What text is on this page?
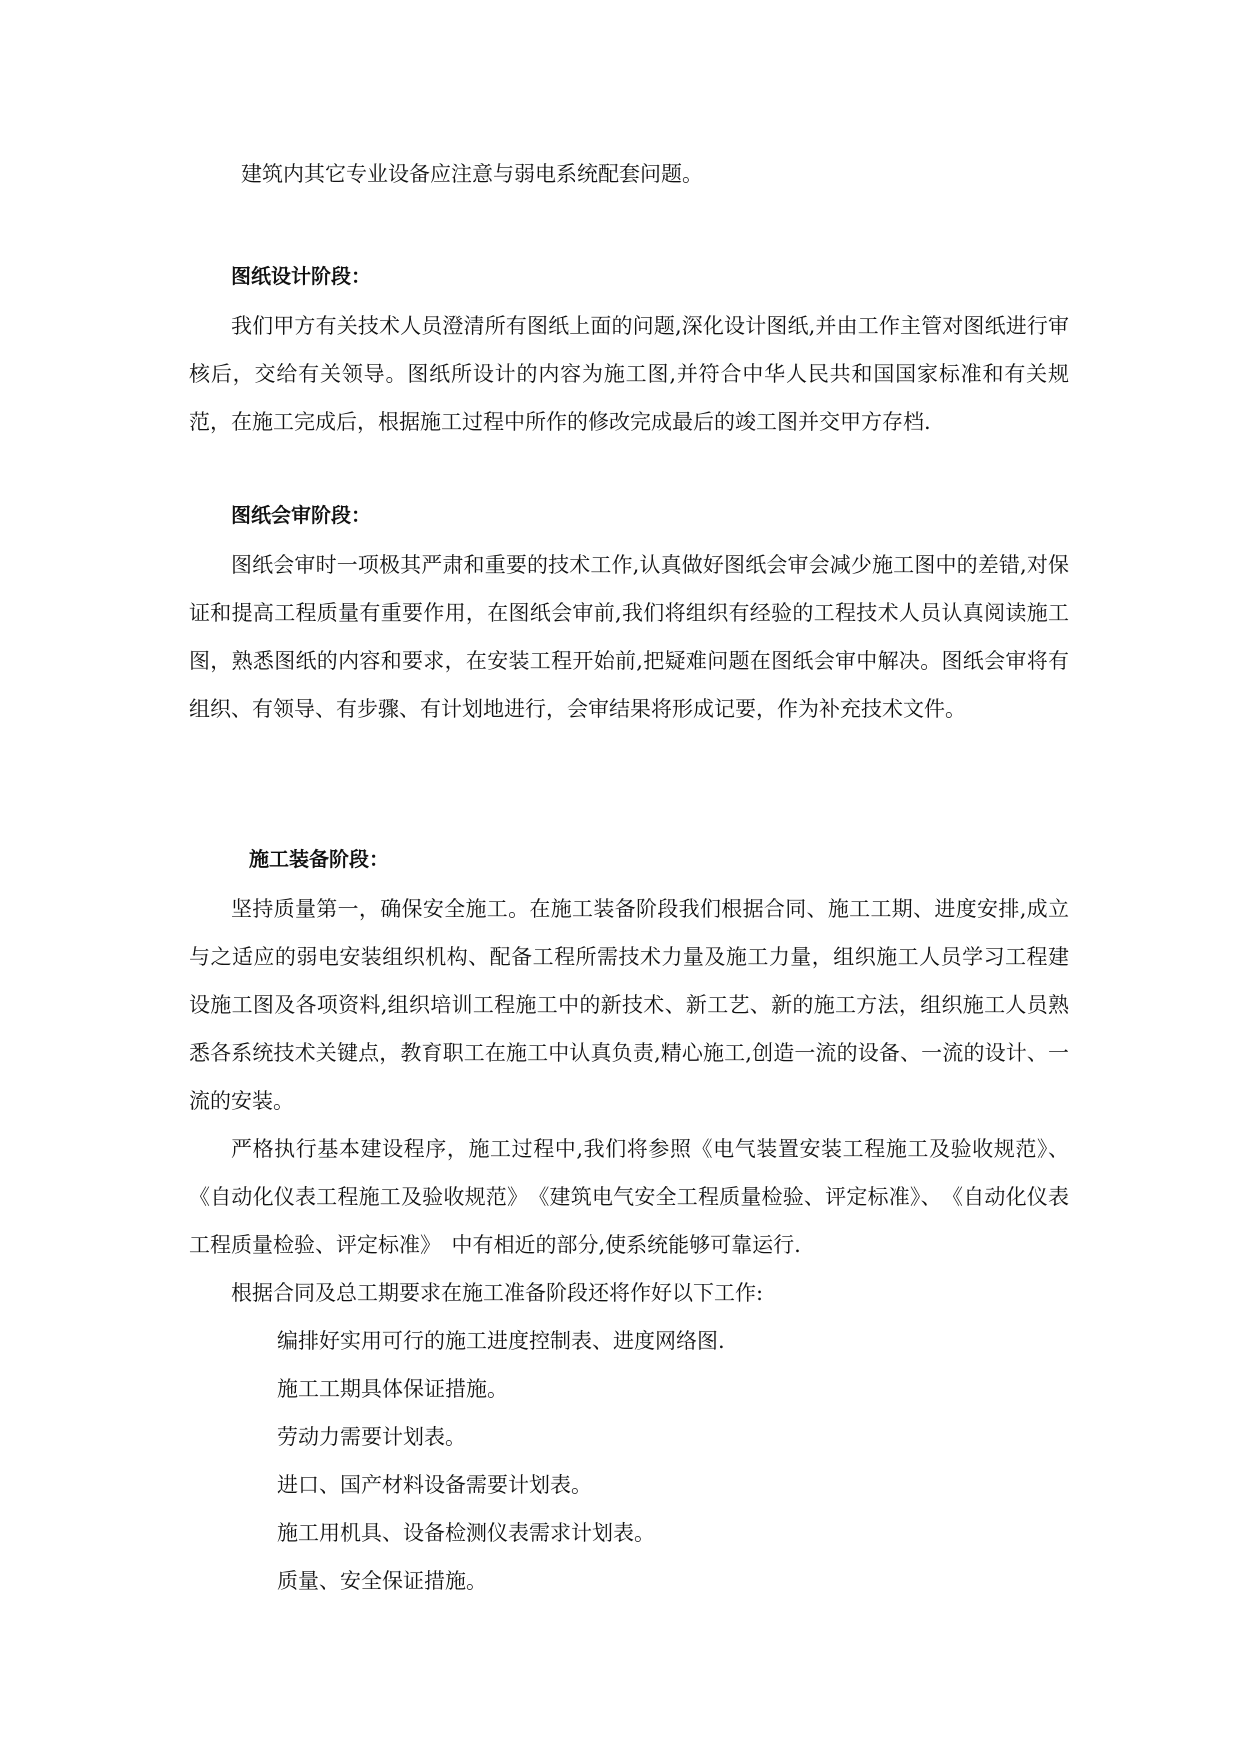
建筑内其它专业设备应注意与弱电系统配套问题。
图纸设计阶段：

我们甲方有关技术人员澄清所有图纸上面的问题,深化设计图纸,并由工作主管对图纸进行审核后，交给有关领导。图纸所设计的内容为施工图,并符合中华人民共和国国家标准和有关规范，在施工完成后，根据施工过程中所作的修改完成最后的竣工图并交甲方存档.

图纸会审阶段：

图纸会审时一项极其严肃和重要的技术工作,认真做好图纸会审会减少施工图中的差错,对保证和提高工程质量有重要作用，在图纸会审前,我们将组织有经验的工程技术人员认真阅读施工图，熟悉图纸的内容和要求，在安装工程开始前,把疑难问题在图纸会审中解决。图纸会审将有组织、有领导、有步骤、有计划地进行，会审结果将形成记要，作为补充技术文件。

施工装备阶段：

坚持质量第一，确保安全施工。在施工装备阶段我们根据合同、施工工期、进度安排,成立与之适应的弱电安装组织机构、配备工程所需技术力量及施工力量，组织施工人员学习工程建设施工图及各项资料,组织培训工程施工中的新技术、新工艺、新的施工方法，组织施工人员熟悉各系统技术关键点，教育职工在施工中认真负责,精心施工,创造一流的设备、一流的设计、一流的安装。

严格执行基本建设程序，施工过程中,我们将参照《电气装置安装工程施工及验收规范》、《自动化仪表工程施工及验收规范》　《建筑电气安全工程质量检验、评定标准》、　《自动化仪表工程质量检验、评定标准》　中有相近的部分,使系统能够可靠运行.

根据合同及总工期要求在施工准备阶段还将作好以下工作:

编排好实用可行的施工进度控制表、进度网络图.
施工工期具体保证措施。
劳动力需要计划表。
进口、国产材料设备需要计划表。
施工用机具、设备检测仪表需求计划表。
质量、安全保证措施。
